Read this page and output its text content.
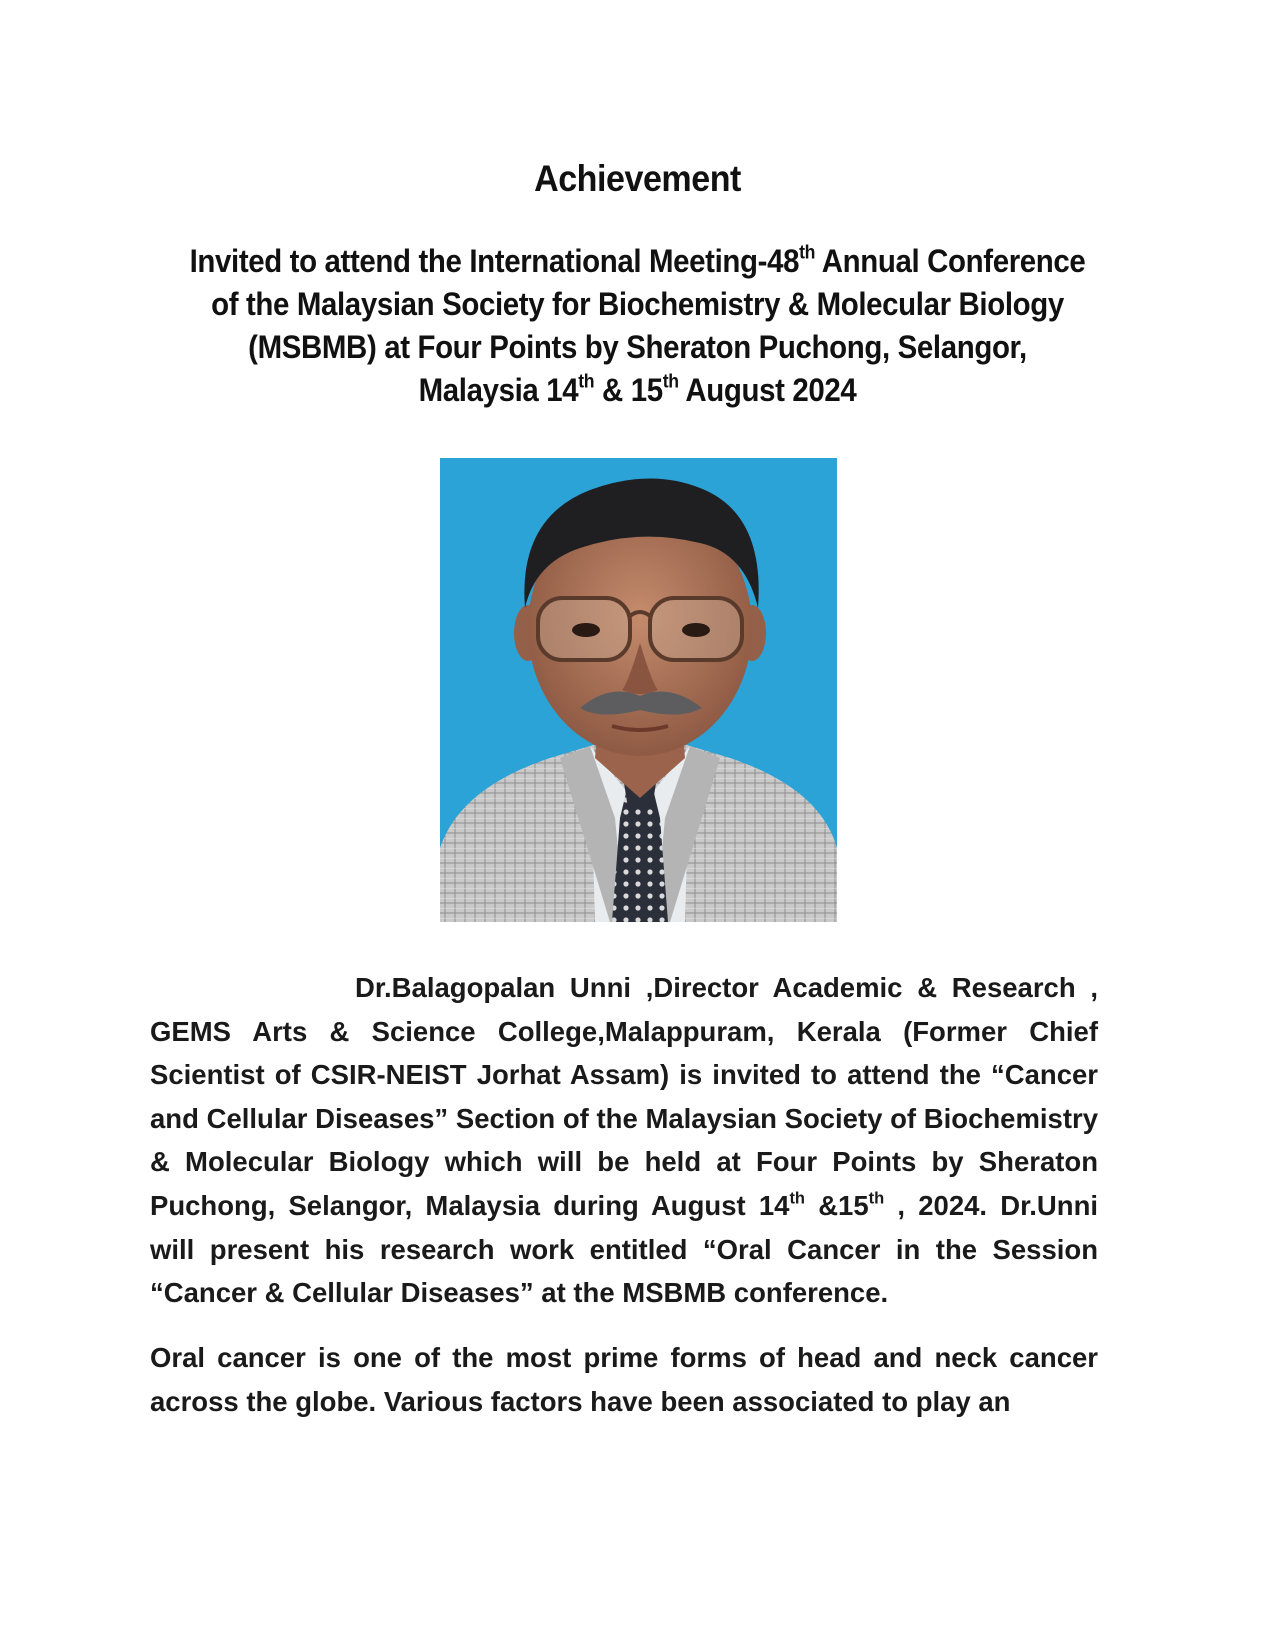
Achievement

Invited to attend the International Meeting-48th Annual Conference
of the Malaysian Society for Biochemistry & Molecular Biology
(MSBMB) at Four Points by Sheraton Puchong, Selangor,
Malaysia 14th & 15th August 2024

Dr.Balagopalan Unni ,Director Academic & Research , GEMS Arts & Science College,Malappuram, Kerala (Former Chief Scientist of CSIR-NEIST Jorhat Assam) is invited to attend the “Cancer and Cellular Diseases” Section of the Malaysian Society of Biochemistry & Molecular Biology which will be held at Four Points by Sheraton Puchong, Selangor, Malaysia during August 14th &15th , 2024. Dr.Unni will present his research work entitled “Oral Cancer in the Session “Cancer & Cellular Diseases” at the MSBMB conference.

Oral cancer is one of the most prime forms of head and neck cancer across the globe. Various factors have been associated to play an
